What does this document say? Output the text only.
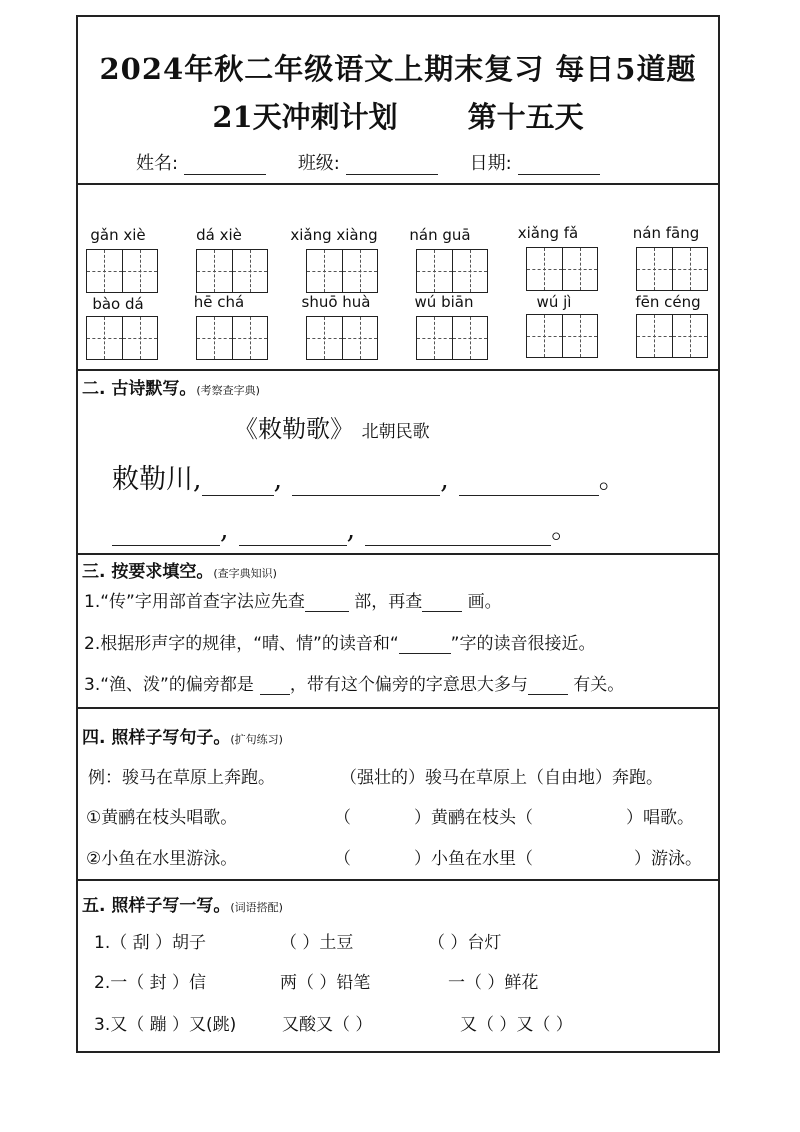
2024年秋二年级语文上期末复习 每日5道题
21天冲刺计划 第十五天
姓名:	班级:	日期:
gǎn xiè	dá xiè	xiǎng xiàng	nán guā	xiǎng fǎ	nán fāng
bào dá	hē chá	shuō huà	wú biān	wú jì	fēn céng
二. 古诗默写。(考察查字典)
《敕勒歌》 北朝民歌
敕勒川,	,	,	。
,	,	。
三. 按要求填空。(查字典知识)
1.“传”字用部首查字法应先查	部，再查	画。
2.根据形声字的规律，“晴、情”的读音和“	”字的读音很接近。
3.“渔、泼”的偏旁都是 ，带有这个偏旁的字意思大多与	有关。
四. 照样子写句子。(扩句练习)
例：骏马在草原上奔跑。	（强壮的）骏马在草原上（自由地）奔跑。
①黄鹂在枝头唱歌。	（	）黄鹂在枝头（	）唱歌。
②小鱼在水里游泳。	（	）小鱼在水里（	）游泳。
五. 照样子写一写。(词语搭配)
1.（ 刮 ）胡子	（ ）土豆	（ ）台灯
2.一（ 封 ）信	两（ ）铅笔	一（ ）鲜花
3.又（ 蹦 ）又(跳)	又酸又（ ）	又（ ）又（ ）
